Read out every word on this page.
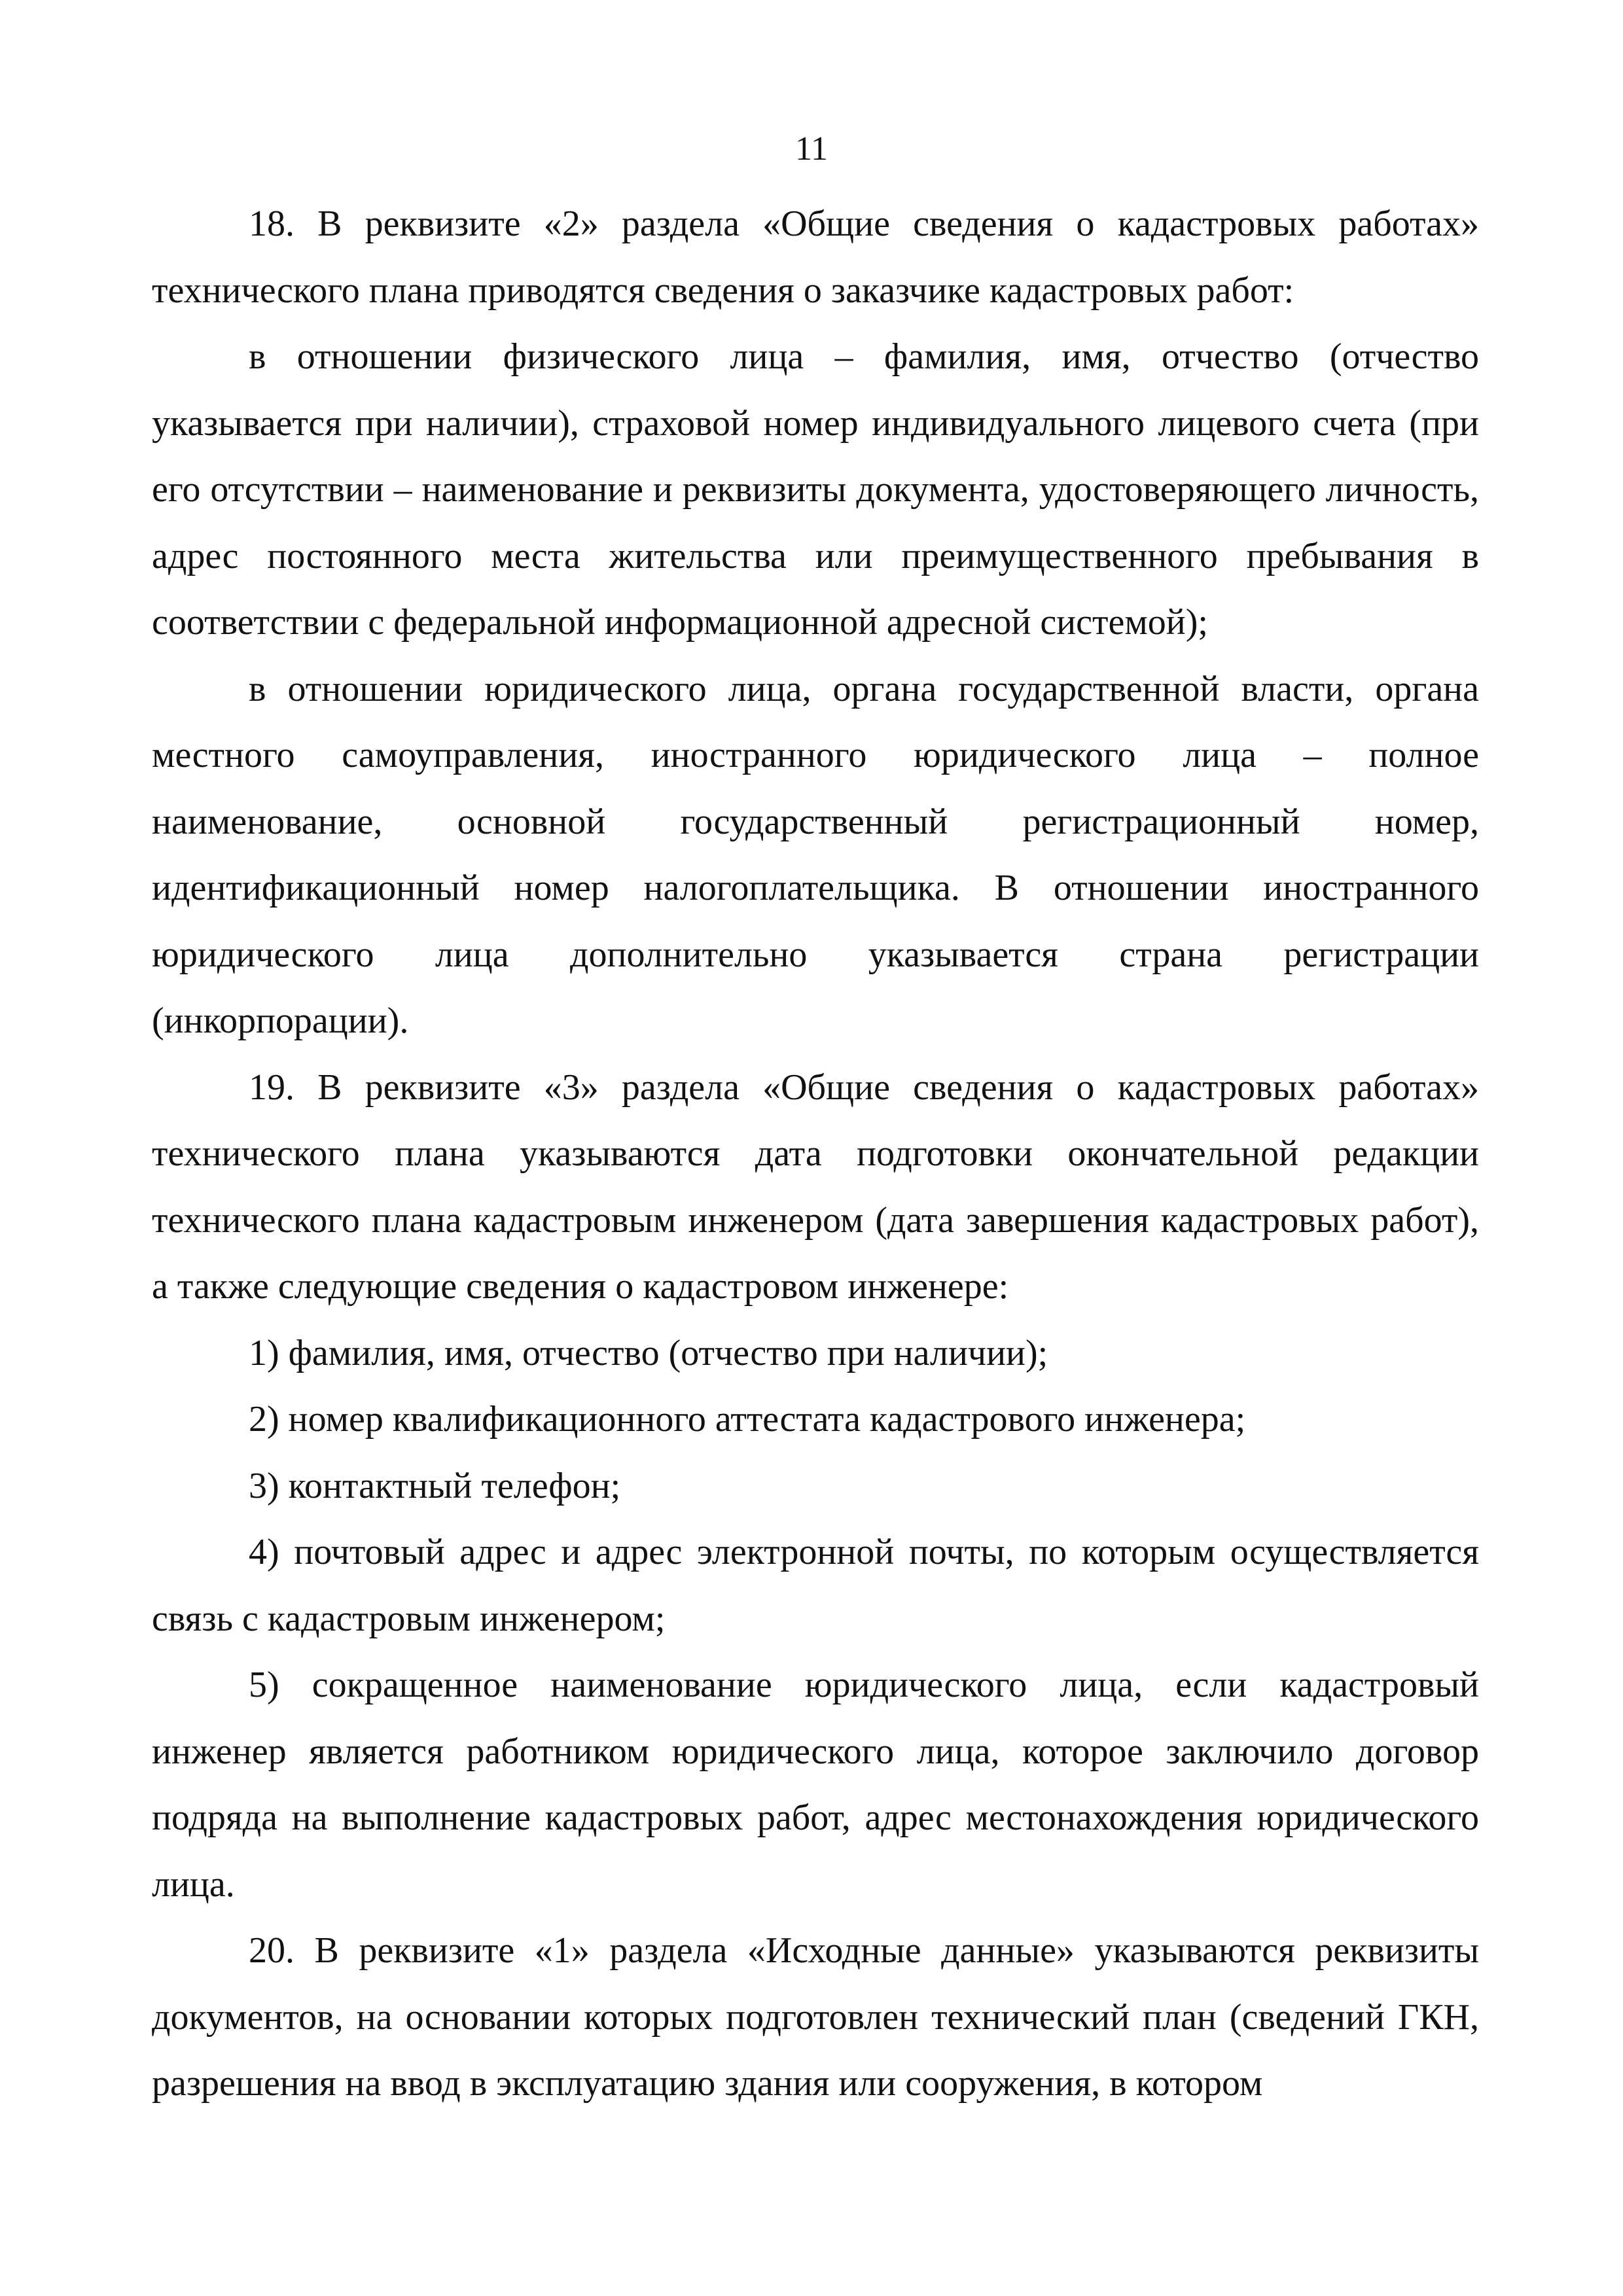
11

18. В реквизите «2» раздела «Общие сведения о кадастровых работах» технического плана приводятся сведения о заказчике кадастровых работ:

в отношении физического лица – фамилия, имя, отчество (отчество указывается при наличии), страховой номер индивидуального лицевого счета (при его отсутствии – наименование и реквизиты документа, удостоверяющего личность, адрес постоянного места жительства или преимущественного пребывания в соответствии с федеральной информационной адресной системой);

в отношении юридического лица, органа государственной власти, органа местного самоуправления, иностранного юридического лица – полное наименование, основной государственный регистрационный номер, идентификационный номер налогоплательщика. В отношении иностранного юридического лица дополнительно указывается страна регистрации (инкорпорации).

19. В реквизите «3» раздела «Общие сведения о кадастровых работах» технического плана указываются дата подготовки окончательной редакции технического плана кадастровым инженером (дата завершения кадастровых работ), а также следующие сведения о кадастровом инженере:

1) фамилия, имя, отчество (отчество при наличии);

2) номер квалификационного аттестата кадастрового инженера;

3) контактный телефон;

4) почтовый адрес и адрес электронной почты, по которым осуществляется связь с кадастровым инженером;

5) сокращенное наименование юридического лица, если кадастровый инженер является работником юридического лица, которое заключило договор подряда на выполнение кадастровых работ, адрес местонахождения юридического лица.

20. В реквизите «1» раздела «Исходные данные» указываются реквизиты документов, на основании которых подготовлен технический план (сведений ГКН, разрешения на ввод в эксплуатацию здания или сооружения, в котором
